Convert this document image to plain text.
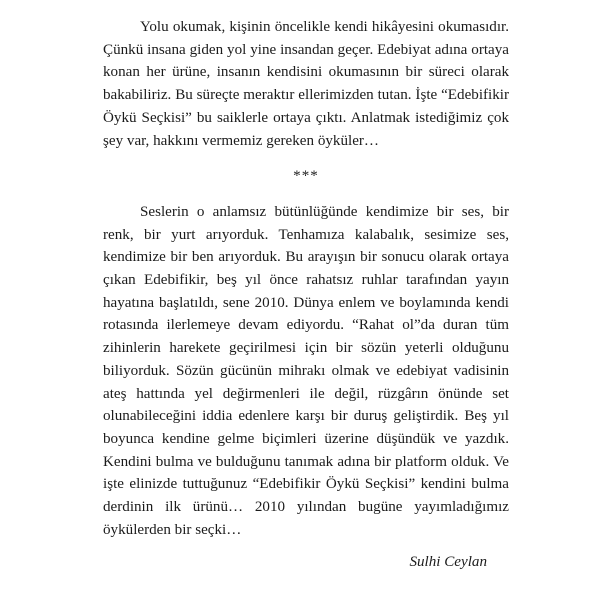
Yolu okumak, kişinin öncelikle kendi hikâyesini okumasıdır. Çünkü insana giden yol yine insandan geçer. Edebiyat adına ortaya konan her ürüne, insanın kendisini okumasının bir süreci olarak bakabiliriz. Bu süreçte meraktır ellerimizden tutan. İşte “Edebifikir Öykü Seçkisi” bu saiklerle ortaya çıktı. Anlatmak istediğimiz çok şey var, hakkını vermemiz gereken öyküler…

***

Seslerin o anlamsız bütünlüğünde kendimize bir ses, bir renk, bir yurt arıyorduk. Tenhamıza kalabalık, sesimize ses, kendimize bir ben arıyorduk. Bu arayışın bir sonucu olarak ortaya çıkan Edebifikir, beş yıl önce rahatsız ruhlar tarafından yayın hayatına başlatıldı, sene 2010. Dünya enlem ve boylamında kendi rotasında ilerlemeye devam ediyordu. “Rahat ol”da duran tüm zihinlerin harekete geçirilmesi için bir sözün yeterli olduğunu biliyorduk. Sözün gücünün mihrakı olmak ve edebiyat vadisinin ateş hattında yel değirmenleri ile değil, rüzgârın önünde set olunabileceğini iddia edenlere karşı bir duruş geliştirdik. Beş yıl boyunca kendine gelme biçimleri üzerine düşündük ve yazdık. Kendini bulma ve bulduğunu tanımak adına bir platform olduk. Ve işte elinizde tuttuğunuz “Edebifikir Öykü Seçkisi” kendini bulma derdinin ilk ürünü… 2010 yılından bugüne yayımladığımız öykülerden bir seçki…

Sulhi Ceylan
